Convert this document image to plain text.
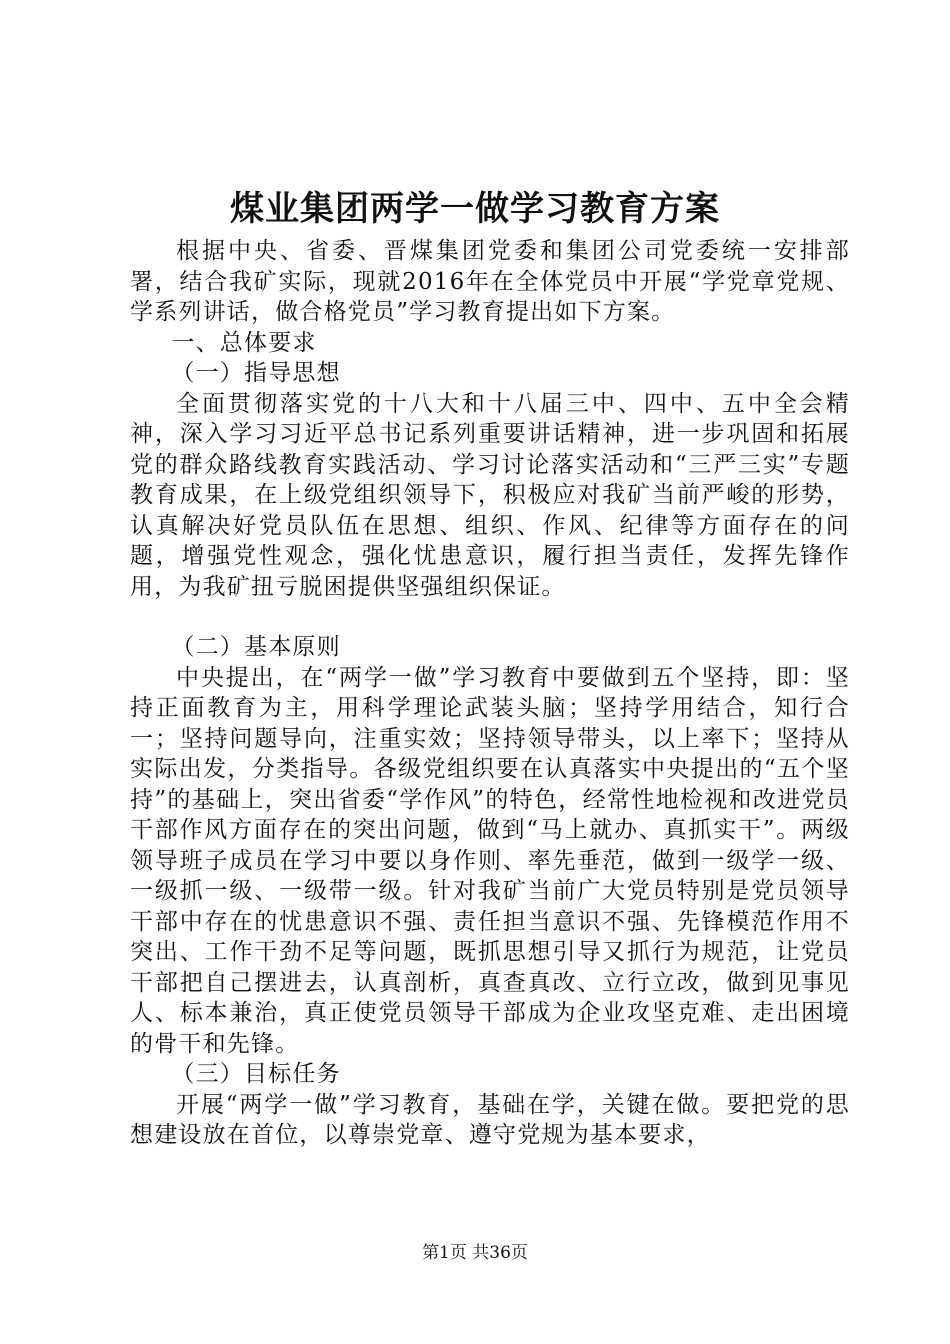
煤业集团两学一做学习教育方案

根据中央、省委、晋煤集团党委和集团公司党委统一安排部署，结合我矿实际，现就2016年在全体党员中开展“学党章党规、学系列讲话，做合格党员”学习教育提出如下方案。

一、总体要求

（一）指导思想

全面贯彻落实党的十八大和十八届三中、四中、五中全会精神，深入学习习近平总书记系列重要讲话精神，进一步巩固和拓展党的群众路线教育实践活动、学习讨论落实活动和“三严三实”专题教育成果，在上级党组织领导下，积极应对我矿当前严峻的形势，认真解决好党员队伍在思想、组织、作风、纪律等方面存在的问题，增强党性观念，强化忧患意识，履行担当责任，发挥先锋作用，为我矿扭亏脱困提供坚强组织保证。

（二）基本原则

中央提出，在“两学一做”学习教育中要做到五个坚持，即：坚持正面教育为主，用科学理论武装头脑；坚持学用结合，知行合一；坚持问题导向，注重实效；坚持领导带头，以上率下；坚持从实际出发，分类指导。各级党组织要在认真落实中央提出的“五个坚持”的基础上，突出省委“学作风”的特色，经常性地检视和改进党员干部作风方面存在的突出问题，做到“马上就办、真抓实干”。两级领导班子成员在学习中要以身作则、率先垂范，做到一级学一级、一级抓一级、一级带一级。针对我矿当前广大党员特别是党员领导干部中存在的忧患意识不强、责任担当意识不强、先锋模范作用不突出、工作干劲不足等问题，既抓思想引导又抓行为规范，让党员干部把自己摆进去，认真剖析，真查真改、立行立改，做到见事见人、标本兼治，真正使党员领导干部成为企业攻坚克难、走出困境的骨干和先锋。

（三）目标任务

开展“两学一做”学习教育，基础在学，关键在做。要把党的思想建设放在首位，以尊崇党章、遵守党规为基本要求，

第1页 共36页
